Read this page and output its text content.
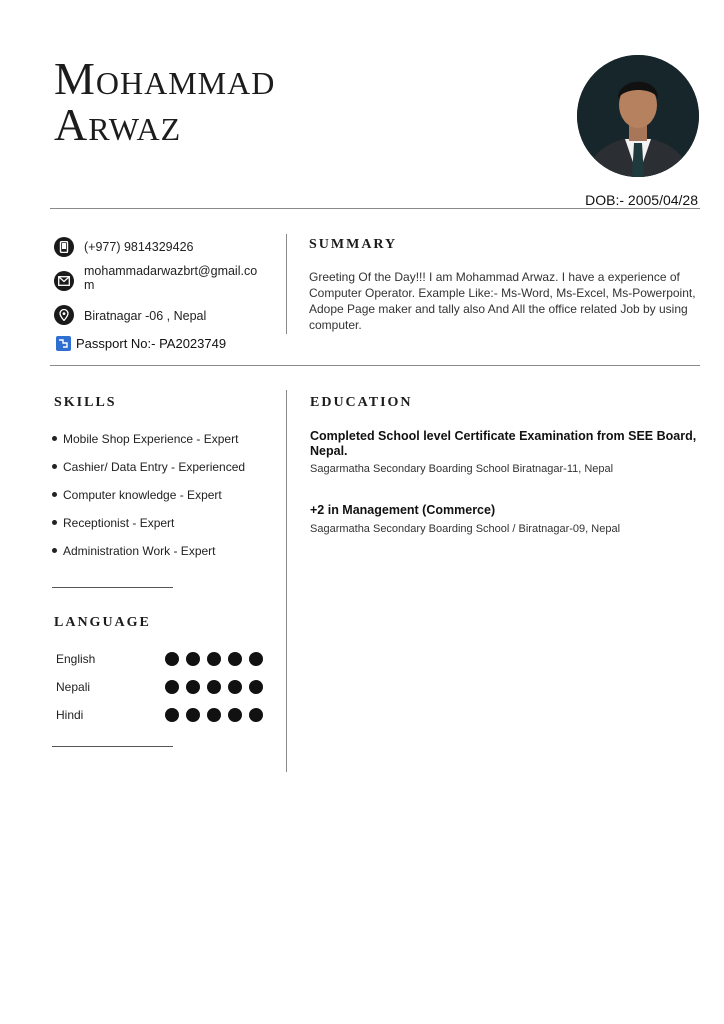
Mohammad
Arwaz
DOB:- 2005/04/28
(+977) 9814329426
mohammadarwazbrt@gmail.com
Biratnagar -06 , Nepal
Passport No:- PA2023749
SUMMARY
Greeting Of the Day!!! I am Mohammad Arwaz. I have a experience of Computer Operator. Example Like:- Ms-Word, Ms-Excel, Ms-Powerpoint, Adope Page maker and tally also And All the office related Job by using computer.
SKILLS
Mobile Shop Experience - Expert
Cashier/ Data Entry - Experienced
Computer knowledge - Expert
Receptionist - Expert
Administration Work - Expert
LANGUAGE
English
Nepali
Hindi
EDUCATION
Completed School level Certificate Examination from SEE Board, Nepal.
Sagarmatha Secondary Boarding School Biratnagar-11, Nepal
+2 in Management (Commerce)
Sagarmatha Secondary Boarding School / Biratnagar-09, Nepal
